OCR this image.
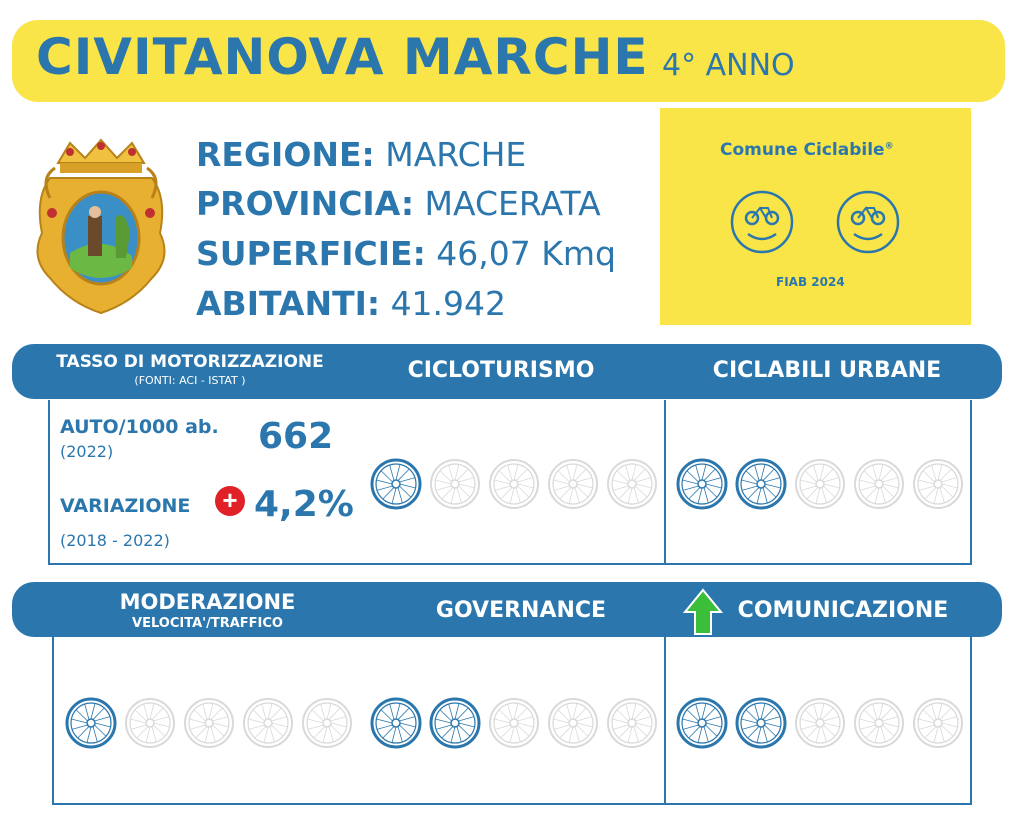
CIVITANOVA MARCHE 4° ANNO
REGIONE: MARCHE
PROVINCIA: MACERATA
SUPERFICIE: 46,07 Kmq
ABITANTI: 41.942
Comune Ciclabile®
FIAB 2024
TASSO DI MOTORIZZAZIONE
(FONTI: ACI - ISTAT )	CICLOTURISMO	CICLABILI URBANE
AUTO/1000 ab.
(2022)	662
VARIAZIONE + 4,2%
(2018 - 2022)
MODERAZIONE
VELOCITA'/TRAFFICO
GOVERNANCE	COMUNICAZIONE
